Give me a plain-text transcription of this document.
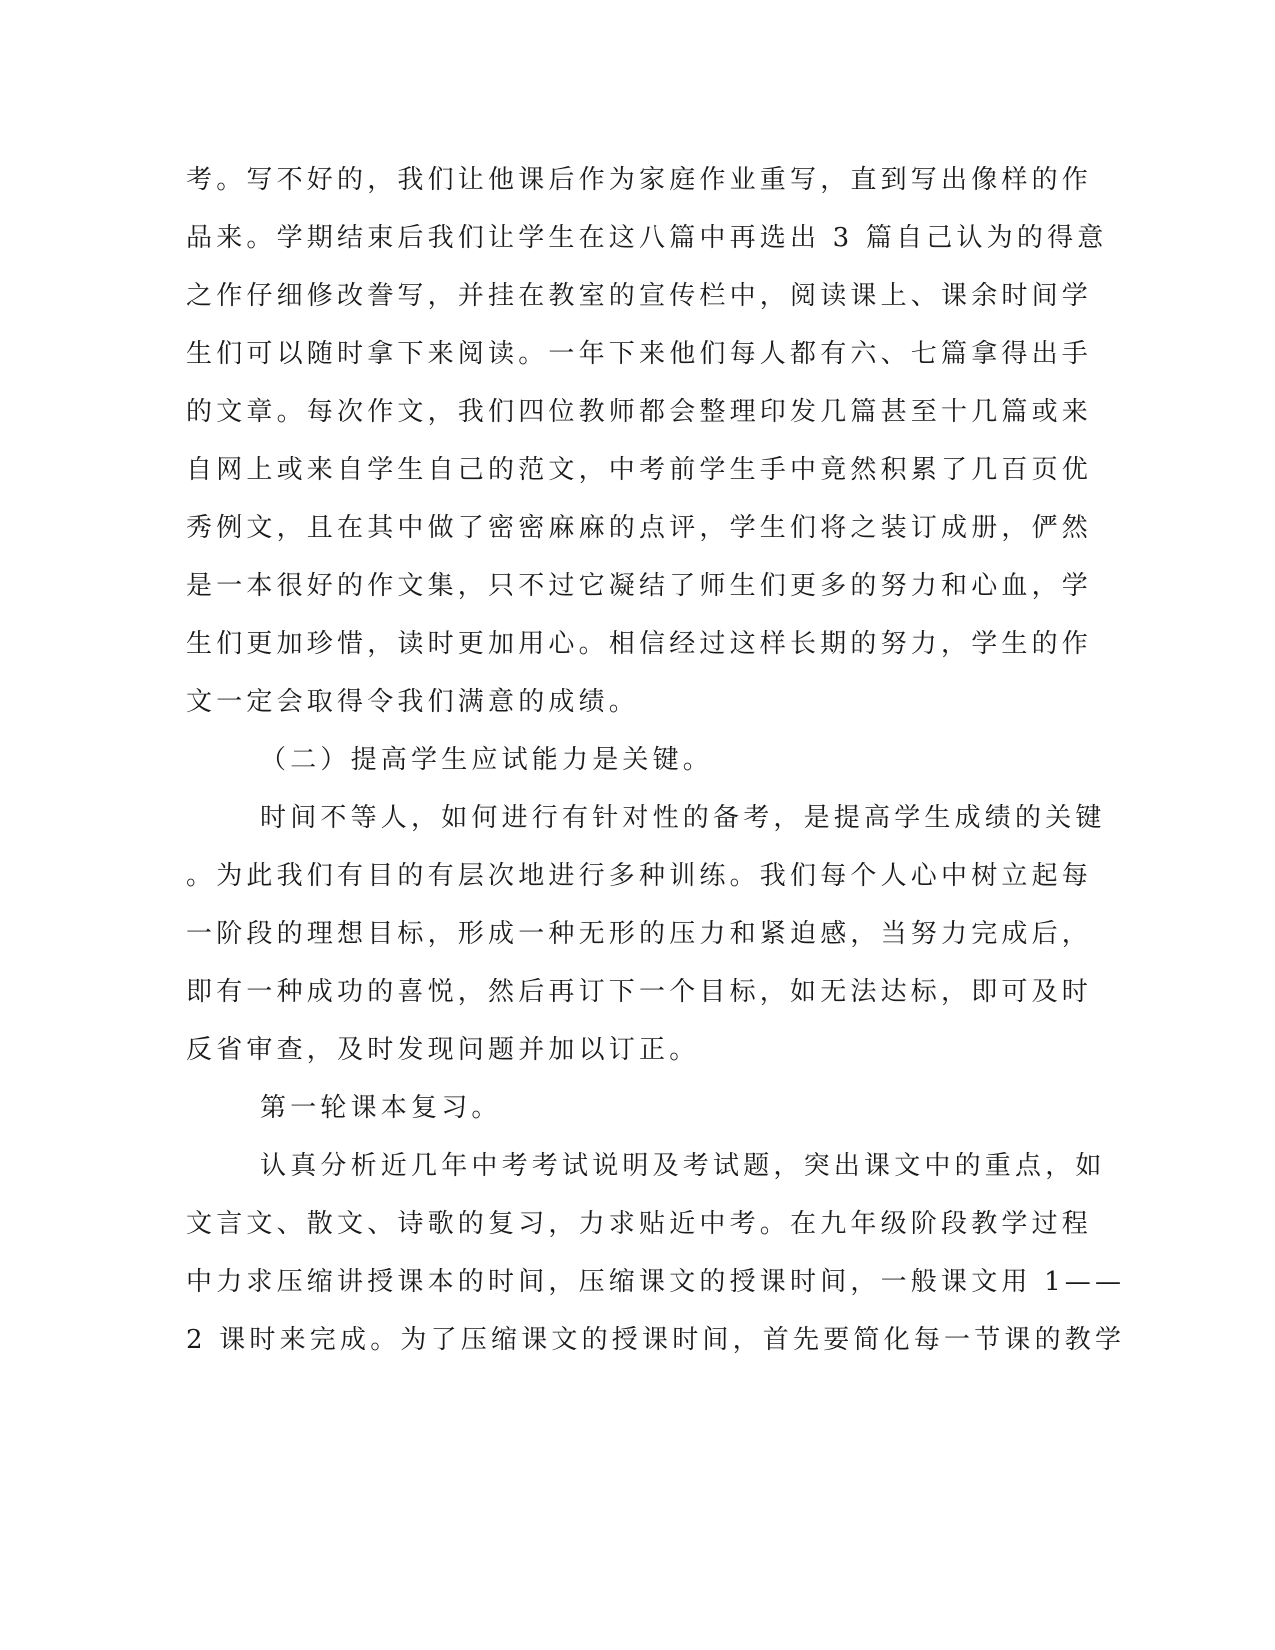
考。写不好的，我们让他课后作为家庭作业重写，直到写出像样的作
品来。学期结束后我们让学生在这八篇中再选出 3 篇自己认为的得意
之作仔细修改誊写，并挂在教室的宣传栏中，阅读课上、课余时间学
生们可以随时拿下来阅读。一年下来他们每人都有六、七篇拿得出手
的文章。每次作文，我们四位教师都会整理印发几篇甚至十几篇或来
自网上或来自学生自己的范文，中考前学生手中竟然积累了几百页优
秀例文，且在其中做了密密麻麻的点评，学生们将之装订成册，俨然
是一本很好的作文集，只不过它凝结了师生们更多的努力和心血，学
生们更加珍惜，读时更加用心。相信经过这样长期的努力，学生的作
文一定会取得令我们满意的成绩。
（二）提高学生应试能力是关键。
时间不等人，如何进行有针对性的备考，是提高学生成绩的关键
。为此我们有目的有层次地进行多种训练。我们每个人心中树立起每
一阶段的理想目标，形成一种无形的压力和紧迫感，当努力完成后，
即有一种成功的喜悦，然后再订下一个目标，如无法达标，即可及时
反省审查，及时发现问题并加以订正。
第一轮课本复习。
认真分析近几年中考考试说明及考试题，突出课文中的重点，如
文言文、散文、诗歌的复习，力求贴近中考。在九年级阶段教学过程
中力求压缩讲授课本的时间，压缩课文的授课时间，一般课文用 1——
2 课时来完成。为了压缩课文的授课时间，首先要简化每一节课的教学
